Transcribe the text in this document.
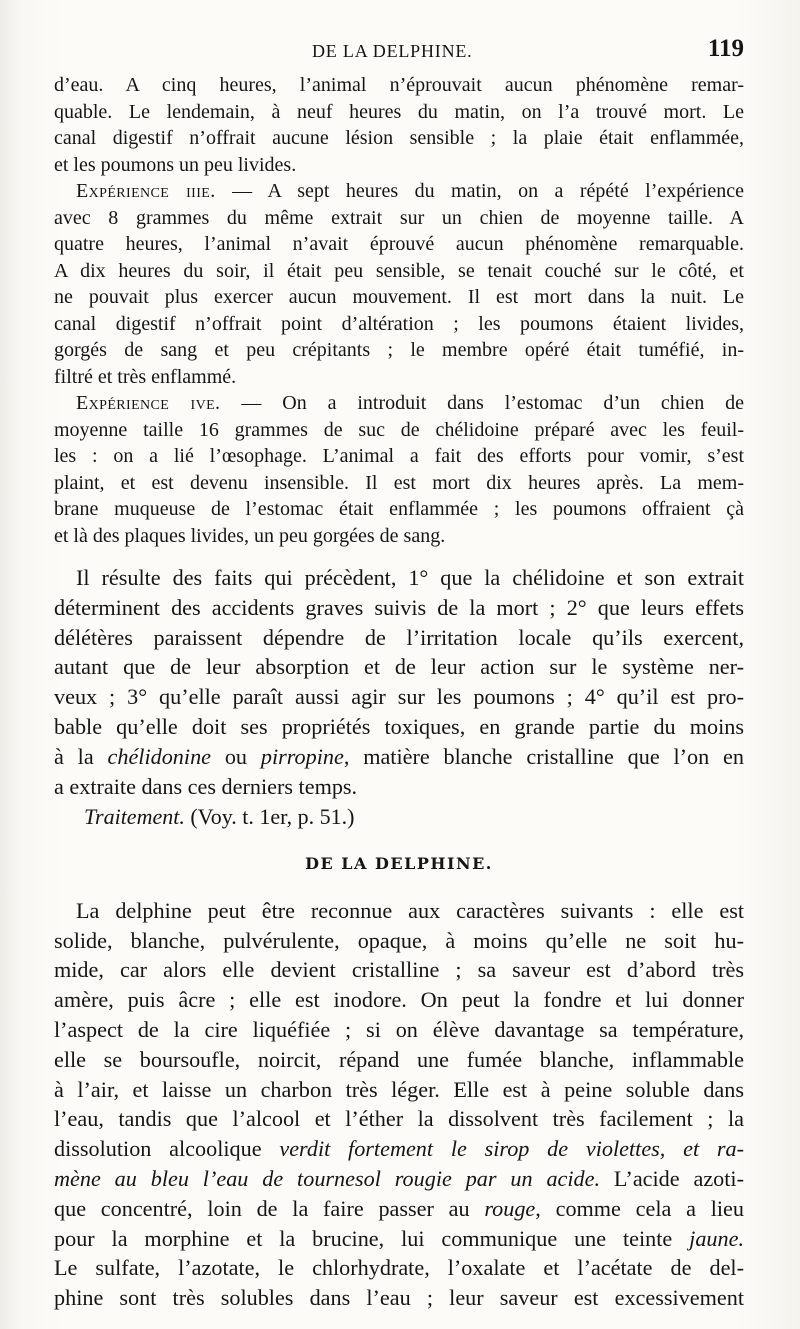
DE LA DELPHINE.	119
d’eau. A cinq heures, l’animal n’éprouvait aucun phénomène remar-
quable. Le lendemain, à neuf heures du matin, on l’a trouvé mort. Le
canal digestif n’offrait aucune lésion sensible ; la plaie était enflammée,
et les poumons un peu livides.
Expérience iiie. — A sept heures du matin, on a répété l’expérience
avec 8 grammes du même extrait sur un chien de moyenne taille. A
quatre heures, l’animal n’avait éprouvé aucun phénomène remarquable.
A dix heures du soir, il était peu sensible, se tenait couché sur le côté, et
ne pouvait plus exercer aucun mouvement. Il est mort dans la nuit. Le
canal digestif n’offrait point d’altération ; les poumons étaient livides,
gorgés de sang et peu crépitants ; le membre opéré était tuméfié, in-
filtré et très enflammé.
Expérience ive. — On a introduit dans l’estomac d’un chien de
moyenne taille 16 grammes de suc de chélidoine préparé avec les feuil-
les : on a lié l’œsophage. L’animal a fait des efforts pour vomir, s’est
plaint, et est devenu insensible. Il est mort dix heures après. La mem-
brane muqueuse de l’estomac était enflammée ; les poumons offraient çà
et là des plaques livides, un peu gorgées de sang.
Il résulte des faits qui précèdent, 1° que la chélidoine et son extrait
déterminent des accidents graves suivis de la mort ; 2° que leurs effets
délétères paraissent dépendre de l’irritation locale qu’ils exercent,
autant que de leur absorption et de leur action sur le système ner-
veux ; 3° qu’elle paraît aussi agir sur les poumons ; 4° qu’il est pro-
bable qu’elle doit ses propriétés toxiques, en grande partie du moins
à la chélidonine ou pirropine, matière blanche cristalline que l’on en
a extraite dans ces derniers temps.
Traitement. (Voy. t. 1er, p. 51.)
DE LA DELPHINE.
La delphine peut être reconnue aux caractères suivants : elle est
solide, blanche, pulvérulente, opaque, à moins qu’elle ne soit hu-
mide, car alors elle devient cristalline ; sa saveur est d’abord très
amère, puis âcre ; elle est inodore. On peut la fondre et lui donner
l’aspect de la cire liquéfiée ; si on élève davantage sa température,
elle se boursoufle, noircit, répand une fumée blanche, inflammable
à l’air, et laisse un charbon très léger. Elle est à peine soluble dans
l’eau, tandis que l’alcool et l’éther la dissolvent très facilement ; la
dissolution alcoolique verdit fortement le sirop de violettes, et ra-
mène au bleu l’eau de tournesol rougie par un acide. L’acide azoti-
que concentré, loin de la faire passer au rouge, comme cela a lieu
pour la morphine et la brucine, lui communique une teinte jaune.
Le sulfate, l’azotate, le chlorhydrate, l’oxalate et l’acétate de del-
phine sont très solubles dans l’eau ; leur saveur est excessivement
